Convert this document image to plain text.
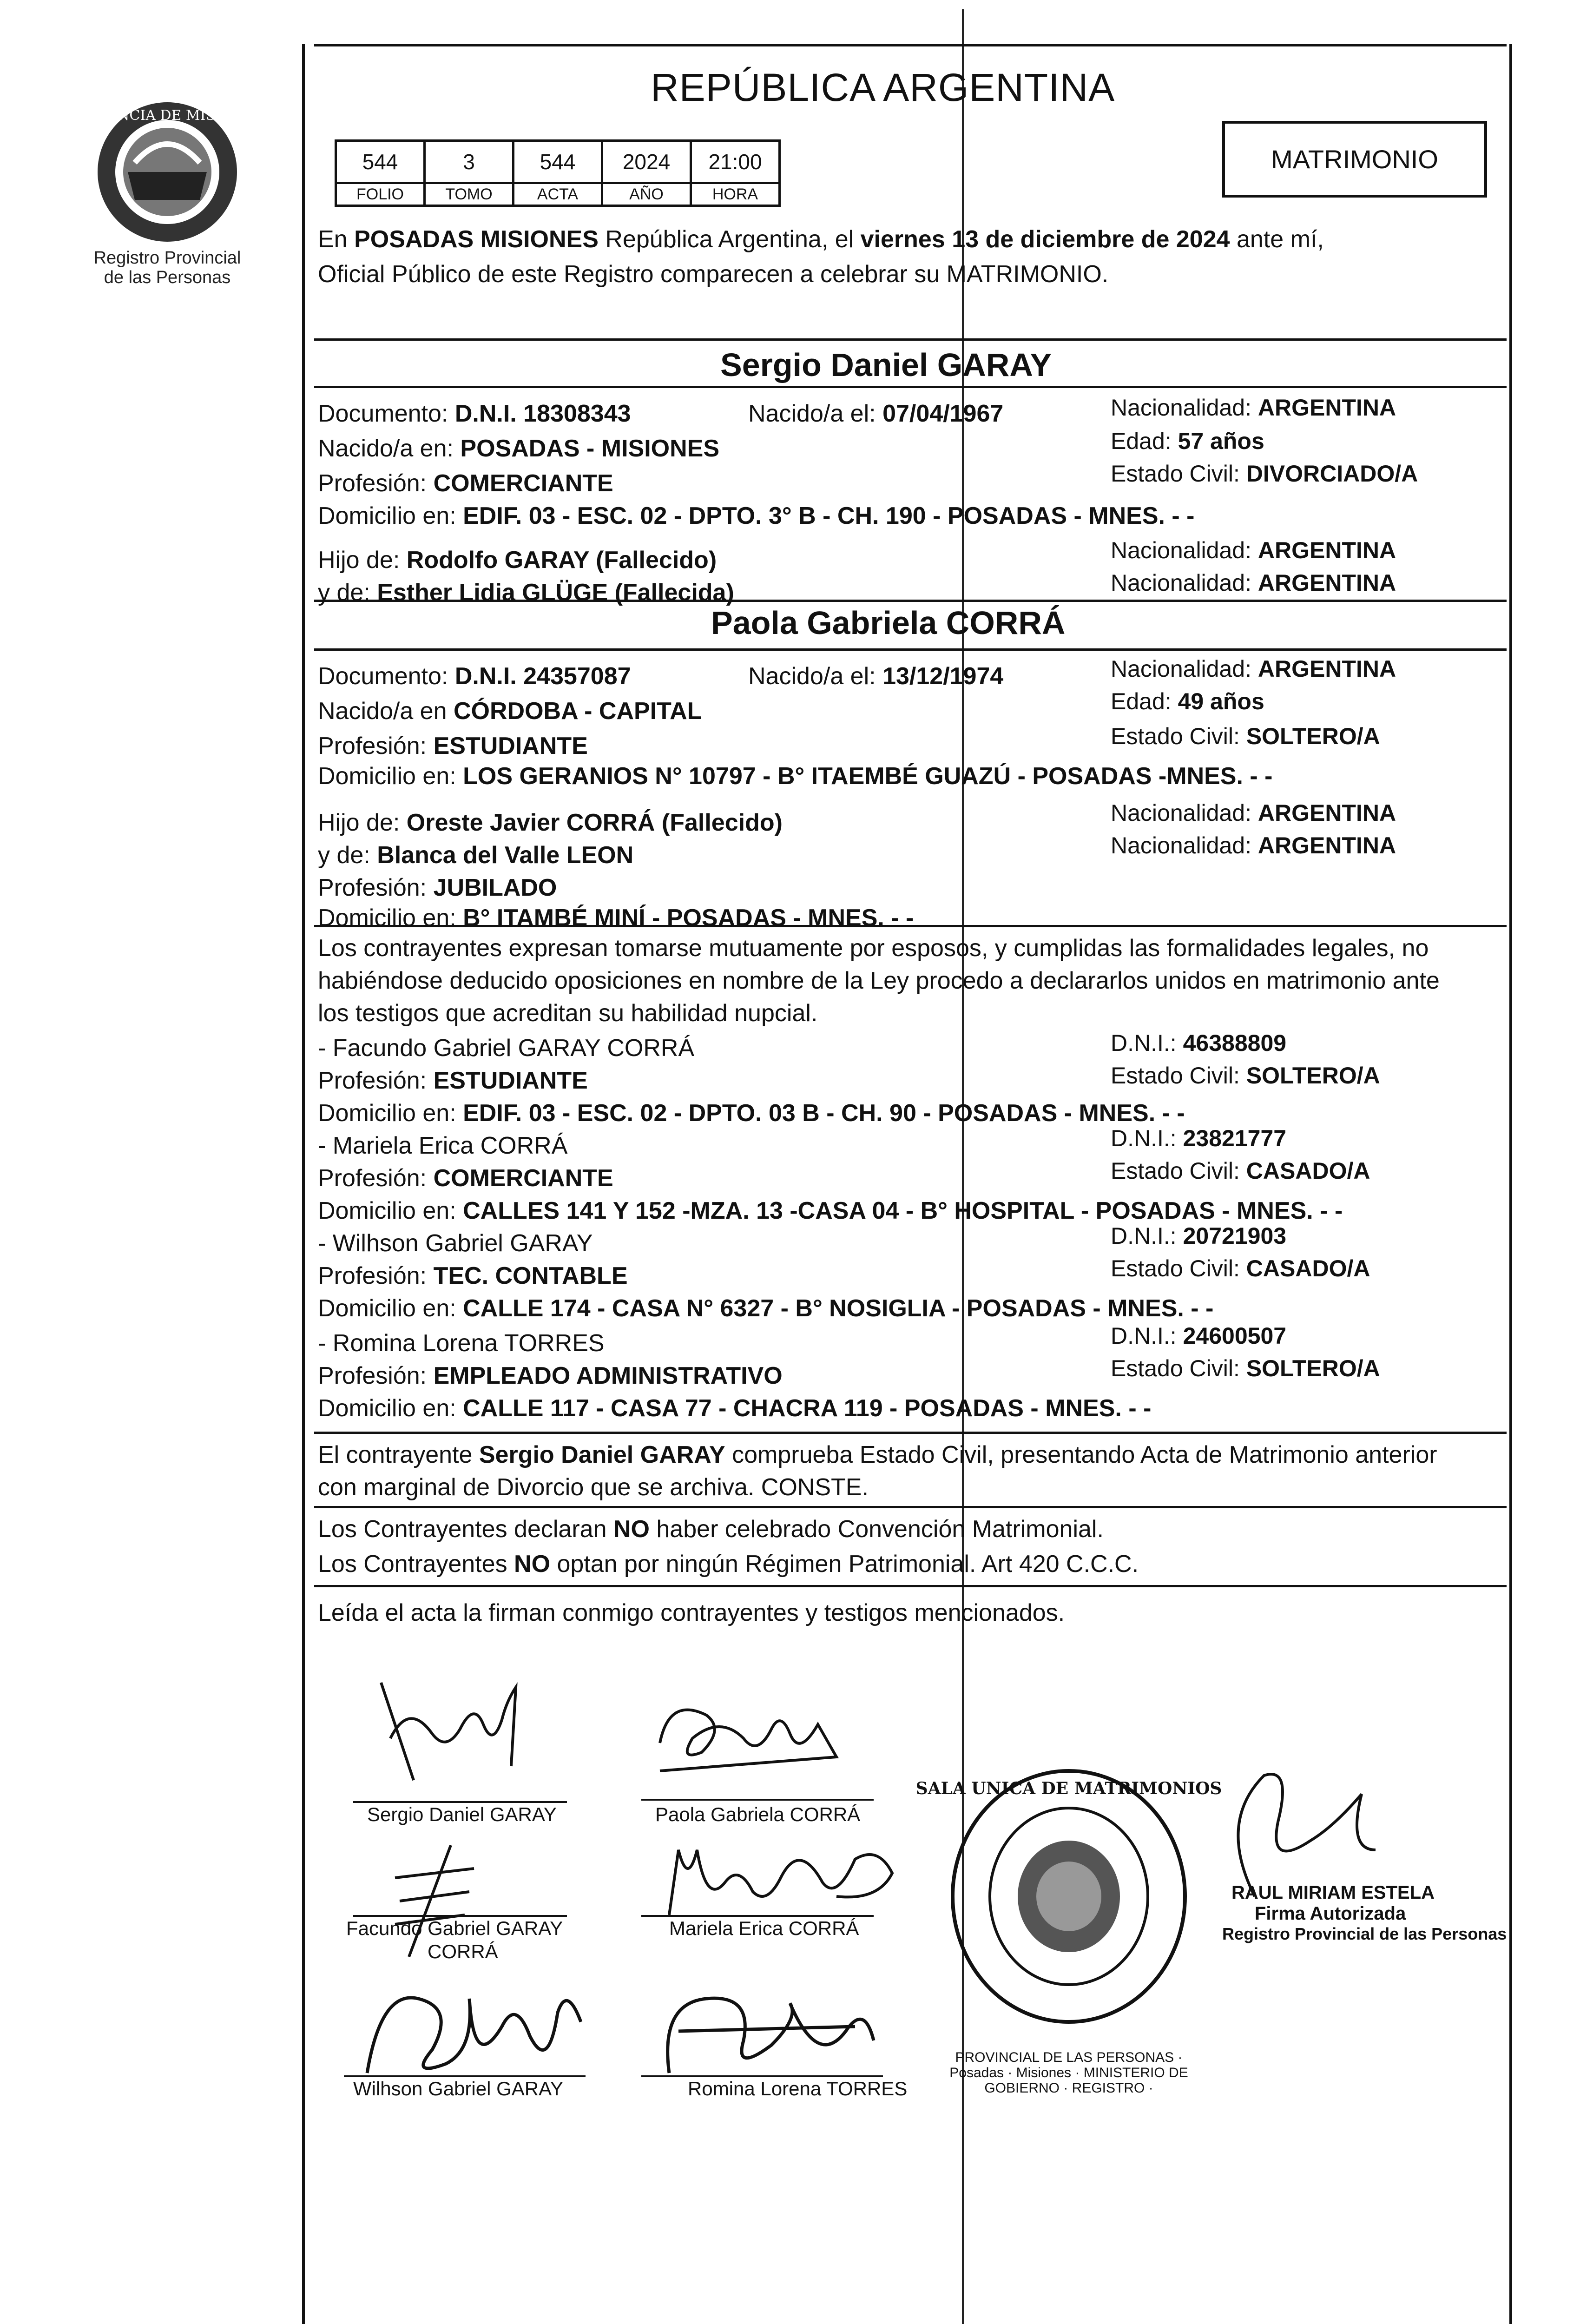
PROVINCIA DE MISIONES
Registro Provincial de las Personas
REPÚBLICA ARGENTINA
MATRIMONIO
544	3	544	2024	21:00
FOLIO	TOMO	ACTA	AÑO	HORA
En POSADAS MISIONES República Argentina, el viernes 13 de diciembre de 2024 ante mí,
Oficial Público de este Registro comparecen a celebrar su MATRIMONIO.
Sergio Daniel GARAY
Documento: D.N.I. 18308343	Nacido/a el: 07/04/1967	Nacionalidad: ARGENTINA
Nacido/a en: POSADAS - MISIONES	Edad: 57 años
Profesión: COMERCIANTE	Estado Civil: DIVORCIADO/A
Domicilio en: EDIF. 03 - ESC. 02 - DPTO. 3° B - CH. 190 - POSADAS - MNES. - -
Hijo de: Rodolfo GARAY (Fallecido)	Nacionalidad: ARGENTINA
y de: Esther Lidia GLÜGE (Fallecida)	Nacionalidad: ARGENTINA
Paola Gabriela CORRÁ
Documento: D.N.I. 24357087	Nacido/a el: 13/12/1974	Nacionalidad: ARGENTINA
Nacido/a en CÓRDOBA - CAPITAL	Edad: 49 años
Profesión: ESTUDIANTE	Estado Civil: SOLTERO/A
Domicilio en: LOS GERANIOS N° 10797 - B° ITAEMBÉ GUAZÚ - POSADAS -MNES. - -
Hijo de: Oreste Javier CORRÁ (Fallecido)	Nacionalidad: ARGENTINA
y de: Blanca del Valle LEON	Nacionalidad: ARGENTINA
Profesión: JUBILADO
Domicilio en: B° ITAMBÉ MINÍ - POSADAS - MNES. - -
Los contrayentes expresan tomarse mutuamente por esposos, y cumplidas las formalidades legales, no
habiéndose deducido oposiciones en nombre de la Ley procedo a declararlos unidos en matrimonio ante
los testigos que acreditan su habilidad nupcial.
- Facundo Gabriel GARAY CORRÁ	D.N.I.: 46388809
Profesión: ESTUDIANTE	Estado Civil: SOLTERO/A
Domicilio en: EDIF. 03 - ESC. 02 - DPTO. 03 B - CH. 90 - POSADAS - MNES. - -
- Mariela Erica CORRÁ	D.N.I.: 23821777
Profesión: COMERCIANTE	Estado Civil: CASADO/A
Domicilio en: CALLES 141 Y 152 -MZA. 13 -CASA 04 - B° HOSPITAL - POSADAS - MNES. - -
- Wilhson Gabriel GARAY	D.N.I.: 20721903
Profesión: TEC. CONTABLE	Estado Civil: CASADO/A
Domicilio en: CALLE 174 - CASA N° 6327 - B° NOSIGLIA - POSADAS - MNES. - -
- Romina Lorena TORRES	D.N.I.: 24600507
Profesión: EMPLEADO ADMINISTRATIVO	Estado Civil: SOLTERO/A
Domicilio en: CALLE 117 - CASA 77 - CHACRA 119 - POSADAS - MNES. - -
El contrayente Sergio Daniel GARAY comprueba Estado Civil, presentando Acta de Matrimonio anterior
con marginal de Divorcio que se archiva. CONSTE.
Los Contrayentes declaran NO haber celebrado Convención Matrimonial.
Los Contrayentes NO optan por ningún Régimen Patrimonial. Art 420 C.C.C.
Leída el acta la firman conmigo contrayentes y testigos mencionados.
Sergio Daniel GARAY	Paola Gabriela CORRÁ
Facundo Gabriel GARAY
CORRÁ
Mariela Erica CORRÁ
Wilhson Gabriel GARAY	Romina Lorena TORRES
SALA UNICA DE MATRIMONIOS
PROVINCIAL DE LAS PERSONAS · Posadas · Misiones · MINISTERIO DE GOBIERNO · REGISTRO ·
RAUL MIRIAM ESTELA
Firma Autorizada
Registro Provincial de las Personas
